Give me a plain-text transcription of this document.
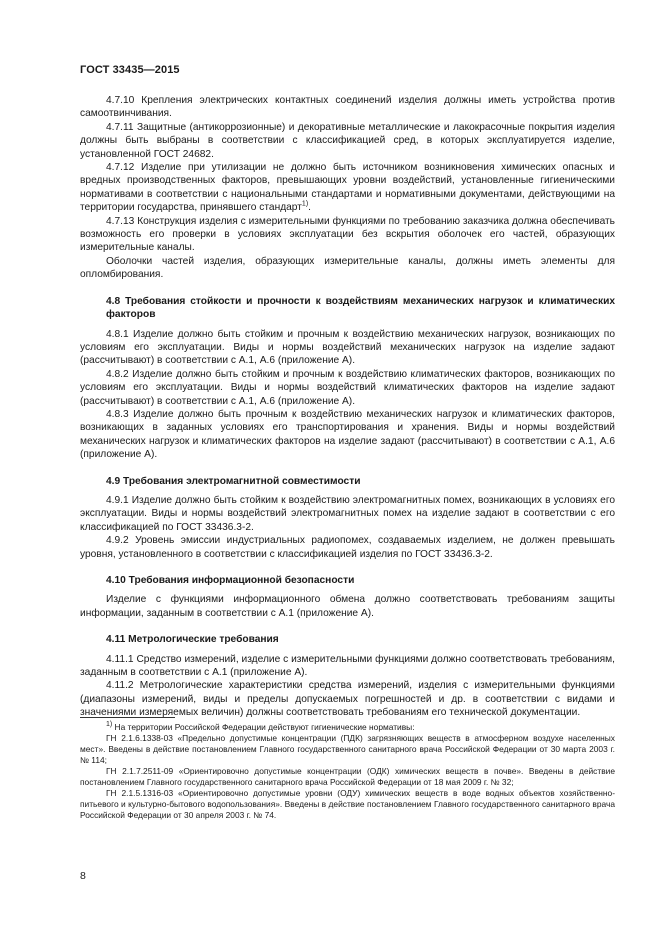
ГОСТ 33435—2015

4.7.10 Крепления электрических контактных соединений изделия должны иметь устройства против самоотвинчивания.

4.7.11 Защитные (антикоррозионные) и декоративные металлические и лакокрасочные покрытия изделия должны быть выбраны в соответствии с классификацией сред, в которых эксплуатируется изделие, установленной ГОСТ 24682.

4.7.12 Изделие при утилизации не должно быть источником возникновения химических опасных и вредных производственных факторов, превышающих уровни воздействий, установленные гигиеническими нормативами в соответствии с национальными стандартами и нормативными документами, действующими на территории государства, принявшего стандарт$^{1)}$.

4.7.13 Конструкция изделия с измерительными функциями по требованию заказчика должна обеспечивать возможность его проверки в условиях эксплуатации без вскрытия оболочек его частей, образующих измерительные каналы.

Оболочки частей изделия, образующих измерительные каналы, должны иметь элементы для опломбирования.

4.8 Требования стойкости и прочности к воздействиям механических нагрузок и климатических факторов

4.8.1 Изделие должно быть стойким и прочным к воздействию механических нагрузок, возникающих по условиям его эксплуатации. Виды и нормы воздействий механических нагрузок на изделие задают (рассчитывают) в соответствии с А.1, А.6 (приложение А).

4.8.2 Изделие должно быть стойким и прочным к воздействию климатических факторов, возникающих по условиям его эксплуатации. Виды и нормы воздействий климатических факторов на изделие задают (рассчитывают) в соответствии с А.1, А.6 (приложение А).

4.8.3 Изделие должно быть прочным к воздействию механических нагрузок и климатических факторов, возникающих в заданных условиях его транспортирования и хранения. Виды и нормы воздействий механических нагрузок и климатических факторов на изделие задают (рассчитывают) в соответствии с А.1, А.6 (приложение А).

4.9 Требования электромагнитной совместимости

4.9.1 Изделие должно быть стойким к воздействию электромагнитных помех, возникающих в условиях его эксплуатации. Виды и нормы воздействий электромагнитных помех на изделие задают в соответствии с его классификацией по ГОСТ 33436.3-2.

4.9.2 Уровень эмиссии индустриальных радиопомех, создаваемых изделием, не должен превышать уровня, установленного в соответствии с классификацией изделия по ГОСТ 33436.3-2.

4.10 Требования информационной безопасности

Изделие с функциями информационного обмена должно соответствовать требованиям защиты информации, заданным в соответствии с А.1 (приложение А).

4.11 Метрологические требования

4.11.1 Средство измерений, изделие с измерительными функциями должно соответствовать требованиям, заданным в соответствии с А.1 (приложение А).

4.11.2 Метрологические характеристики средства измерений, изделия с измерительными функциями (диапазоны измерений, виды и пределы допускаемых погрешностей и др. в соответствии с видами и значениями измеряемых величин) должны соответствовать требованиям его технической документации.

$^{1)}$ На территории Российской Федерации действуют гигиенические нормативы:

ГН 2.1.6.1338-03 «Предельно допустимые концентрации (ПДК) загрязняющих веществ в атмосферном воздухе населенных мест». Введены в действие постановлением Главного государственного санитарного врача Российской Федерации от 30 марта 2003 г. № 114;

ГН 2.1.7.2511-09 «Ориентировочно допустимые концентрации (ОДК) химических веществ в почве». Введены в действие постановлением Главного государственного санитарного врача Российской Федерации от 18 мая 2009 г. № 32;

ГН 2.1.5.1316-03 «Ориентировочно допустимые уровни (ОДУ) химических веществ в воде водных объектов хозяйственно-питьевого и культурно-бытового водопользования». Введены в действие постановлением Главного государственного санитарного врача Российской Федерации от 30 апреля 2003 г. № 74.

8
